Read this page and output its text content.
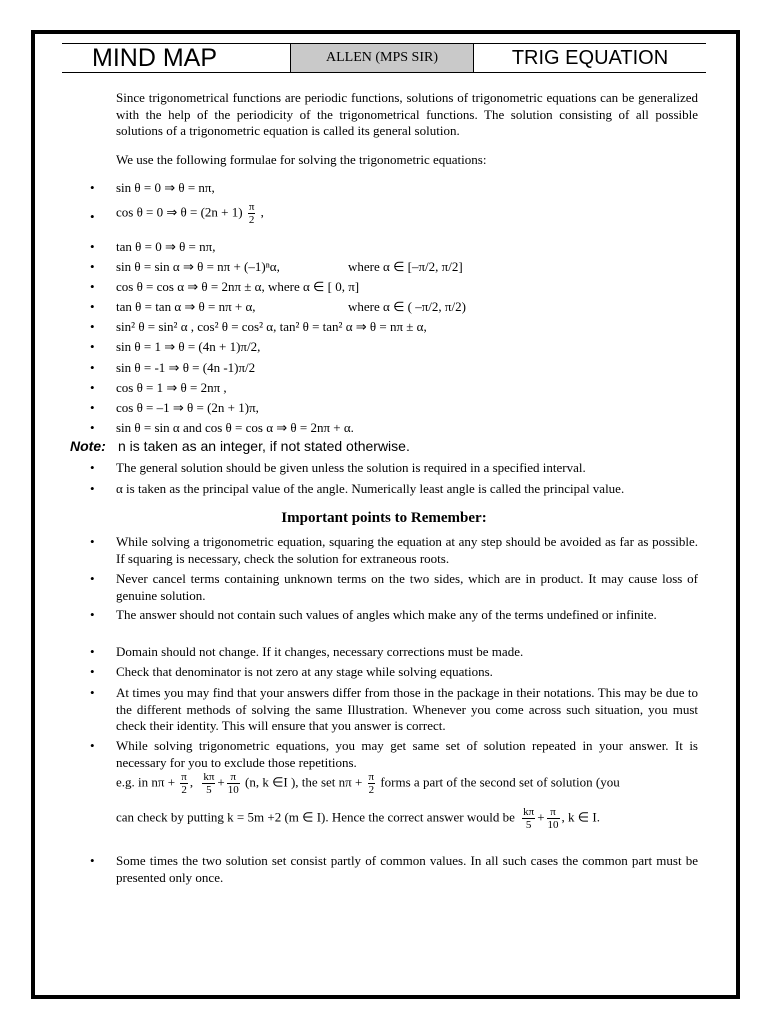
MIND MAP	ALLEN (MPS SIR)	TRIG EQUATION
Since trigonometrical functions are periodic functions, solutions of trigonometric equations can be generalized with the help of the periodicity of the trigonometrical functions. The solution consisting of all possible solutions of a trigonometric equation is called its general solution.
We use the following formulae for solving the trigonometric equations:
• sin θ = 0 ⇒ θ = nπ,
• cos θ = 0 ⇒ $\theta = (2n + 1) \frac{\pi}{2}$ ,
• tan θ = 0 ⇒ θ = nπ,
• sin θ = sin α ⇒ θ = nπ + (–1)ⁿα,	where α ∈ [–π/2, π/2]
• cos θ = cos α ⇒ θ = 2nπ ± α, where α ∈ [ 0, π]
• tan θ = tan α ⇒ θ = nπ + α,	where α ∈ ( –π/2, π/2)
• sin² θ = sin² α , cos² θ = cos² α, tan² θ = tan² α ⇒ θ = nπ ± α,
• sin θ = 1 ⇒ θ = (4n + 1)π/2,
• sin θ = -1 ⇒ θ = (4n -1)π/2
• cos θ = 1 ⇒ θ = 2nπ ,
• cos θ = –1 ⇒ θ = (2n + 1)π,
• sin θ = sin α and cos θ = cos α ⇒ θ = 2nπ + α.
Note: n is taken as an integer, if not stated otherwise.
• The general solution should be given unless the solution is required in a specified interval.
• α is taken as the principal value of the angle. Numerically least angle is called the principal value.
Important points to Remember:
• While solving a trigonometric equation, squaring the equation at any step should be avoided as far as possible. If squaring is necessary, check the solution for extraneous roots.
• Never cancel terms containing unknown terms on the two sides, which are in product. It may cause loss of genuine solution.
• The answer should not contain such values of angles which make any of the terms undefined or infinite.
• Domain should not change. If it changes, necessary corrections must be made.
• Check that denominator is not zero at any stage while solving equations.
• At times you may find that your answers differ from those in the package in their notations. This may be due to the different methods of solving the same Illustration. Whenever you come across such situation, you must check their identity. This will ensure that you answer is correct.
• While solving trigonometric equations, you may get same set of solution repeated in your answer. It is necessary for you to exclude those repetitions.
e.g. in $n\pi + \frac{\pi}{2}$ , $\frac{k\pi}{5} + \frac{\pi}{10} (n$, k ∈I ), the set $n\pi + \frac{\pi}{2}$ forms a part of the second set of solution (you
can check by putting k = 5m +2 (m ∈ I). Hence the correct answer would be $\frac{k\pi}{5} + \frac{\pi}{10}$ , k ∈ I.
• Some times the two solution set consist partly of common values. In all such cases the common part must be presented only once.
